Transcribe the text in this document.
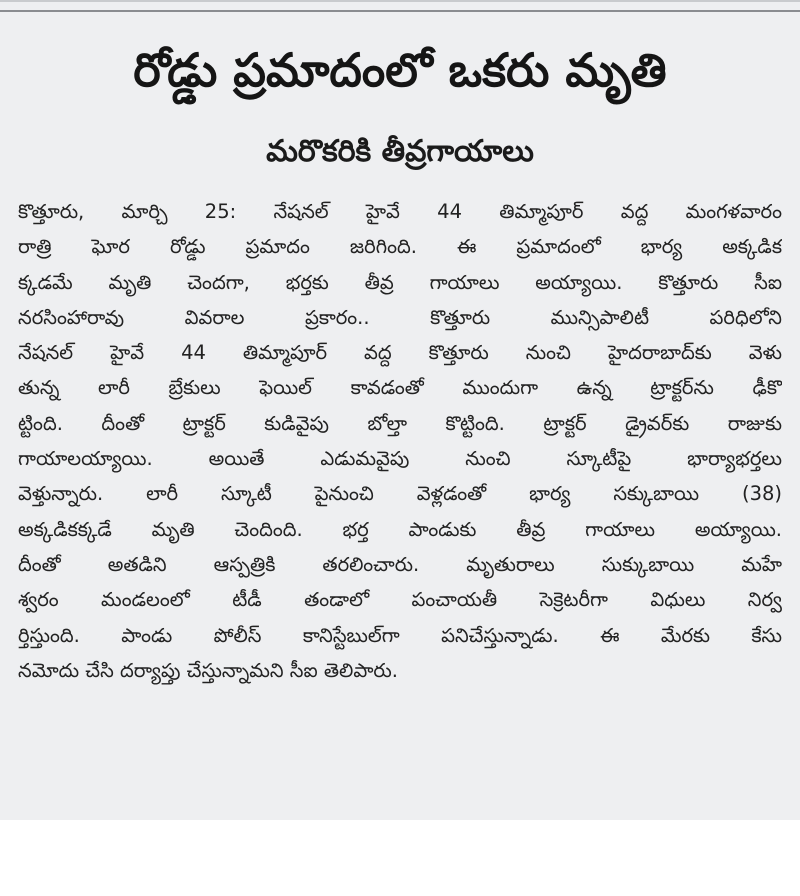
రోడ్డు ప్రమాదంలో ఒకరు మృతి
మరొకరికి తీవ్రగాయాలు
కొత్తూరు, మార్చి 25: నేషనల్ హైవే 44 తిమ్మాపూర్ వద్ద మంగళవారం
రాత్రి ఘోర రోడ్డు ప్రమాదం జరిగింది. ఈ ప్రమాదంలో భార్య అక్కడిక
క్కడమే మృతి చెందగా, భర్తకు తీవ్ర గాయాలు అయ్యాయి. కొత్తూరు సీఐ
నరసింహారావు వివరాల ప్రకారం.. కొత్తూరు మున్సిపాలిటీ పరిధిలోని
నేషనల్ హైవే 44 తిమ్మాపూర్ వద్ద కొత్తూరు నుంచి హైదరాబాద్‌కు వెళు
తున్న లారీ బ్రేకులు ఫెయిల్ కావడంతో ముందుగా ఉన్న ట్రాక్టర్‌ను ఢీకొ
ట్టింది. దీంతో ట్రాక్టర్ కుడివైపు బోల్తా కొట్టింది. ట్రాక్టర్ డ్రైవర్‌కు రాజుకు
గాయాలయ్యాయి. అయితే ఎడుమవైపు నుంచి స్కూటీపై భార్యాభర్తలు
వెళ్తున్నారు. లారీ స్కూటీ పైనుంచి వెళ్లడంతో భార్య సక్కుబాయి (38)
అక్కడికక్కడే మృతి చెందింది. భర్త పాండుకు తీవ్ర గాయాలు అయ్యాయి.
దీంతో అతడిని ఆస్పత్రికి తరలించారు. మృతురాలు సుక్కుబాయి మహే
శ్వరం మండలంలో టీడీ తండాలో పంచాయతీ సెక్రెటరీగా విధులు నిర్వ
ర్తిస్తుంది. పాండు పోలీస్ కానిస్టేబుల్‌గా పనిచేస్తున్నాడు. ఈ మేరకు కేసు
నమోదు చేసి దర్యాప్తు చేస్తున్నామని సీఐ తెలిపారు.
